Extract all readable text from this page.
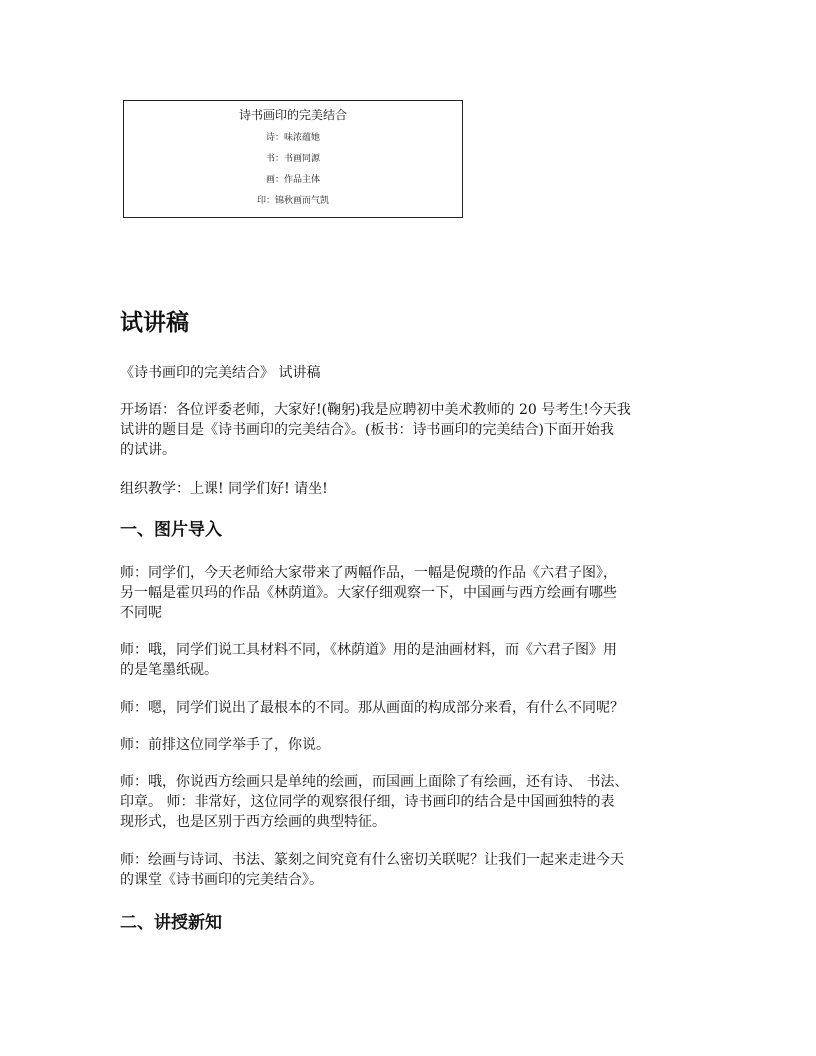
诗书画印的完美结合
诗：味浓蕴她
书：书画同源
画：作品主体
印：锦秋画而气凯
试讲稿
《诗书画印的完美结合》 试讲稿
开场语：各位评委老师，大家好!(鞠躬)我是应聘初中美术教师的 20 号考生!今天我
试讲的题目是《诗书画印的完美结合》。(板书：诗书画印的完美结合)下面开始我
的试讲。
组织教学：上课! 同学们好! 请坐!
一、图片导入
师：同学们，今天老师给大家带来了两幅作品，一幅是倪瓒的作品《六君子图》，
另一幅是霍贝玛的作品《林荫道》。大家仔细观察一下，中国画与西方绘画有哪些
不同呢
师：哦，同学们说工具材料不同，《林荫道》用的是油画材料，而《六君子图》用
的是笔墨纸砚。
师：嗯，同学们说出了最根本的不同。那从画面的构成部分来看，有什么不同呢？
师：前排这位同学举手了，你说。
师：哦，你说西方绘画只是单纯的绘画，而国画上面除了有绘画，还有诗、 书法、
印章。 师：非常好，这位同学的观察很仔细，诗书画印的结合是中国画独特的表
现形式，也是区别于西方绘画的典型特征。
师：绘画与诗词、书法、篆刻之间究竟有什么密切关联呢？让我们一起来走进今天
的课堂《诗书画印的完美结合》。
二、讲授新知
